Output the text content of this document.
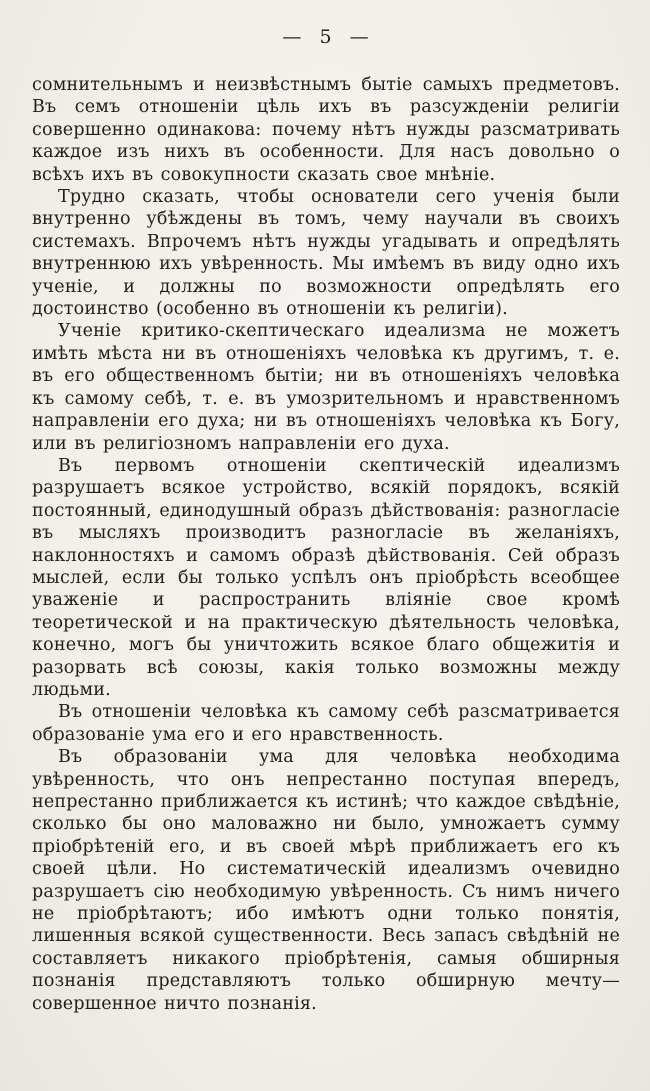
— 5 —

сомнительнымъ и неизвѣстнымъ бытіе самыхъ предметовъ. Въ семъ отношеніи цѣль ихъ въ разсужденіи религіи совершенно одинакова: почему нѣтъ нужды разсматривать каждое изъ нихъ въ особенности. Для насъ довольно о всѣхъ ихъ въ совокупности сказать свое мнѣніе.

Трудно сказать, чтобы основатели сего ученія были внутренно убѣждены въ томъ, чему научали въ своихъ системахъ. Впрочемъ нѣтъ нужды угадывать и опредѣлять внутреннюю ихъ увѣренность. Мы имѣемъ въ виду одно ихъ ученіе, и должны по возможности опредѣлять его достоинство (особенно въ отношеніи къ религіи).

Ученіе критико-скептическаго идеализма не можетъ имѣть мѣста ни въ отношеніяхъ человѣка къ другимъ, т. е. въ его общественномъ бытіи; ни въ отношеніяхъ человѣка къ самому себѣ, т. е. въ умозрительномъ и нравственномъ направленіи его духа; ни въ отношеніяхъ человѣка къ Богу, или въ религіозномъ направленіи его духа.

Въ первомъ отношеніи скептическій идеализмъ разрушаетъ всякое устройство, всякій порядокъ, всякій постоянный, единодушный образъ дѣйствованія: разногласіе въ мысляхъ производитъ разногласіе въ желаніяхъ, наклонностяхъ и самомъ образѣ дѣйствованія. Сей образъ мыслей, если бы только успѣлъ онъ пріобрѣсть всеобщее уваженіе и распространить вліяніе свое кромѣ теоретической и на практическую дѣятельность человѣка, конечно, могъ бы уничтожить всякое благо общежитія и разорвать всѣ союзы, какія только возможны между людьми.

Въ отношеніи человѣка къ самому себѣ разсматривается образованіе ума его и его нравственность.

Въ образованіи ума для человѣка необходима увѣренность, что онъ непрестанно поступая впередъ, непрестанно приближается къ истинѣ; что каждое свѣдѣніе, сколько бы оно маловажно ни было, умножаетъ сумму пріобрѣтеній его, и въ своей мѣрѣ приближаетъ его къ своей цѣли. Но систематическій идеализмъ очевидно разрушаетъ сію необходимую увѣренность. Съ нимъ ничего не пріобрѣтаютъ; ибо имѣютъ одни только понятія, лишенныя всякой существенности. Весь запасъ свѣдѣній не составляетъ никакого пріобрѣтенія, самыя обширныя познанія представляютъ только обширную мечту—совершенное ничто познанія.
